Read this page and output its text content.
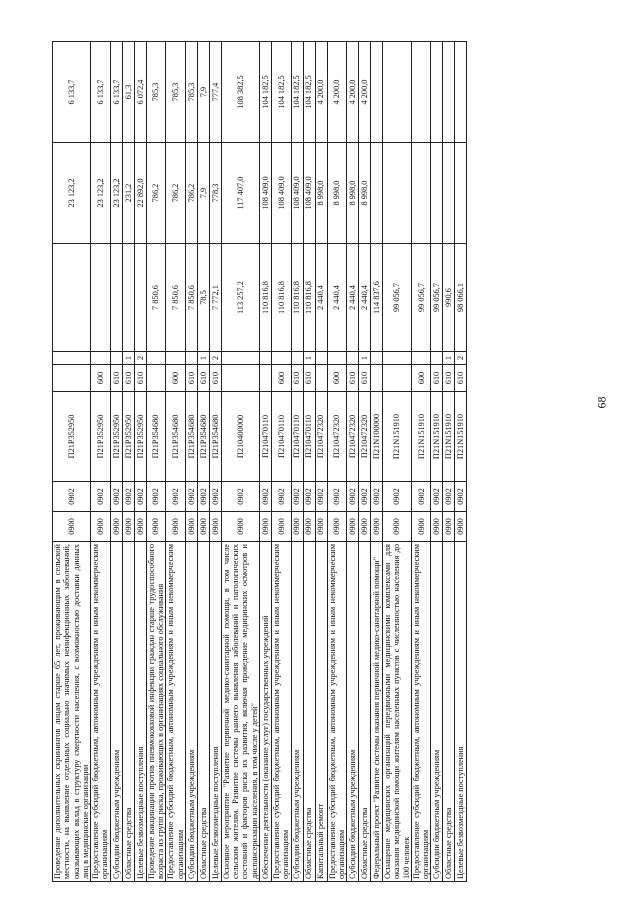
68
Проведение дополнительных скринингов лицам старше 65 лет, проживающим в сельской местности, на выявление отдельных социально значимых неинфекционных заболеваний, оказывающих вклад в структуру смертности населения, с возможностью доставки данных лиц в медицинские организации	0900	0902	П21Р352950				23 123,2	6 133,7
Предоставление субсидий бюджетным, автономным учреждениям и иным некоммерческим организациям	0900	0902	П21Р352950	600			23 123,2	6 133,7
Субсидии бюджетным учреждениям	0900	0902	П21Р352950	610			23 123,2	6 133,7
Областные средства	0900	0902	П21Р352950	610	1		231,2	61,3
Целевые безвозмездные поступления	0900	0902	П21Р352950	610	2		22 892,0	6 072,4
Проведение вакцинации против пневмококковой инфекции граждан старше трудоспособного возраста из групп риска, проживающих в организациях социального обслуживания	0900	0902	П21Р354680			7 850,6	786,2	785,3
Предоставление субсидий бюджетным, автономным учреждениям и иным некоммерческим организациям	0900	0902	П21Р354680	600		7 850,6	786,2	785,3
Субсидии бюджетным учреждениям	0900	0902	П21Р354680	610		7 850,6	786,2	785,3
Областные средства	0900	0902	П21Р354680	610	1	78,5	7,9	7,9
Целевые безвозмездные поступления	0900	0902	П21Р354680	610	2	7 772,1	778,3	777,4
Основное мероприятие "Развитие первичной медико-санитарной помощи, в том числе сельским жителям. Развитие системы раннего выявления заболеваний и патологических состояний и факторов риска их развития, включая проведение медицинских осмотров и диспансеризации населения, в том числе у детей"	0900	0902	П210400000			113 257,2	117 407,0	108 382,5
Обеспечение деятельности (оказание услуг) государственных учреждений	0900	0902	П210470110			110 816,8	108 409,0	104 182,5
Предоставление субсидий бюджетным, автономным учреждениям и иным некоммерческим организациям	0900	0902	П210470110	600		110 816,8	108 409,0	104 182,5
Субсидии бюджетным учреждениям	0900	0902	П210470110	610		110 816,8	108 409,0	104 182,5
Областные средства	0900	0902	П210470110	610	1	110 816,8	108 409,0	104 182,5
Капитальный ремонт	0900	0902	П210472320			2 440,4	8 998,0	4 200,0
Предоставление субсидий бюджетным, автономным учреждениям и иным некоммерческим организациям	0900	0902	П210472320	600		2 440,4	8 998,0	4 200,0
Субсидии бюджетным учреждениям	0900	0902	П210472320	610		2 440,4	8 998,0	4 200,0
Областные средства	0900	0902	П210472320	610	1	2 440,4	8 998,0	4 200,0
Федеральный проект "Развитие системы оказания первичной медико-санитарной помощи"	0900	0902	П21N100000			114 837,6		
Оснащение медицинских организаций передвижными медицинскими комплексами для оказания медицинской помощи жителям населенных пунктов с численностью населения до 100 человек	0900	0902	П21N151910			99 056,7		
Предоставление субсидий бюджетным, автономным учреждениям и иным некоммерческим организациям	0900	0902	П21N151910	600		99 056,7		
Субсидии бюджетным учреждениям	0900	0902	П21N151910	610		99 056,7		
Областные средства	0900	0902	П21N151910	610	1	990,6		
Целевые безвозмездные поступления	0900	0902	П21N151910	610	2	98 066,1		
